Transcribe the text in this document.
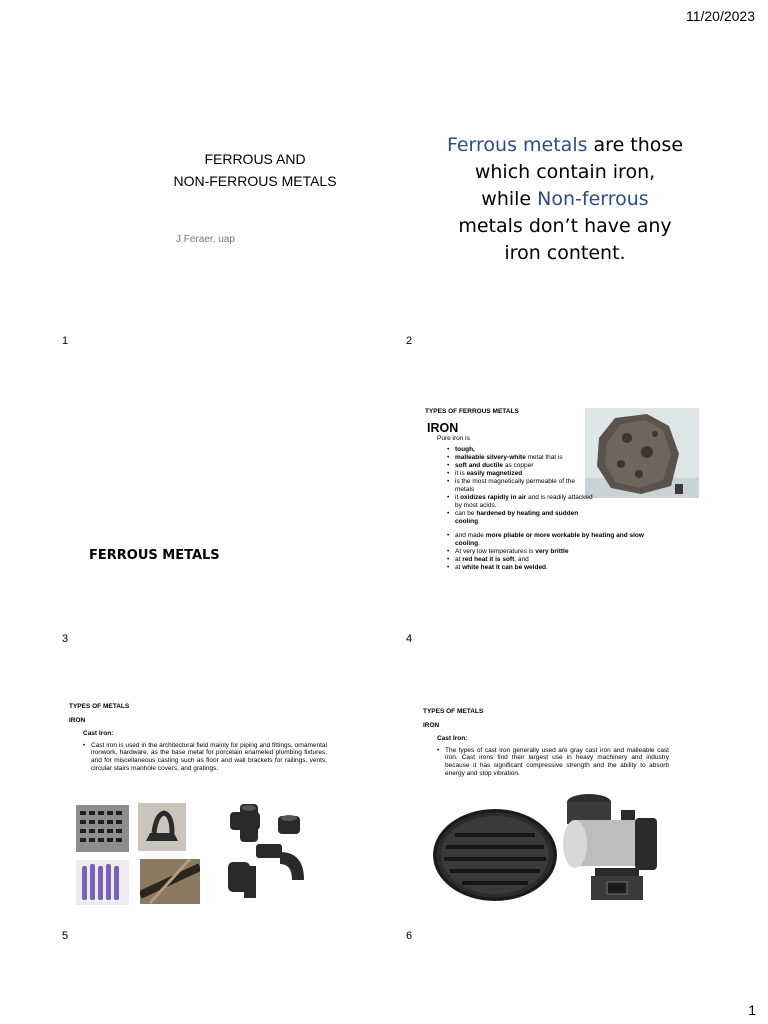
11/20/2023
FERROUS AND
NON-FERROUS METALS
J Feraer, uap
1
Ferrous metals are those
which contain iron,
while Non-ferrous
metals don’t have any
iron content.
2
FERROUS METALS
3
TYPES OF FERROUS METALS
IRON
Pure iron is
• tough,
• malleable silvery-white metal that is
• soft and ductile as copper
• it is easily magnetized
• is the most magnetically permeable of the metals
• it oxidizes rapidly in air and is readily attacked by most acids.
• can be hardened by heating and sudden cooling
• and made more pliable or more workable by heating and slow cooling.
• At very low temperatures is very brittle
• at red heat it is soft, and
• at white heat it can be welded.
4
TYPES OF METALS
IRON
Cast Iron:
• Cast iron is used in the architectural field mainly for piping and fittings, ornamental ironwork, hardware, as the base metal for porcelain enameled plumbing fixtures, and for miscellaneous casting such as floor and wall brackets for railings, vents, circular stairs manhole covers, and gratings.
5
TYPES OF METALS
IRON
Cast Iron:
• The types of cast iron generally used are gray cast iron and malleable cast iron. Cast irons find their largest use in heavy machinery and industry because it has significant compressive strength and the ability to absorb energy and stop vibration.
6
1
